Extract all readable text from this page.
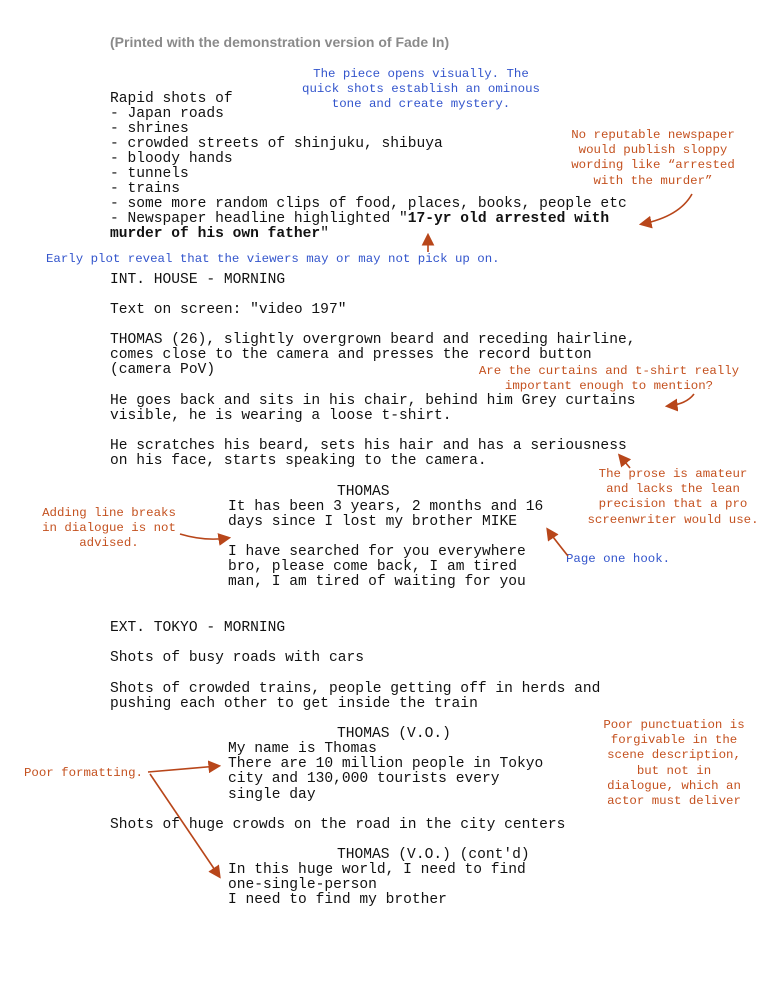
(Printed with the demonstration version of Fade In)
Rapid shots of
- Japan roads
- shrines
- crowded streets of shinjuku, shibuya
- bloody hands
- tunnels
- trains
- some more random clips of food, places, books, people etc
- Newspaper headline highlighted "17-yr old arrested with
murder of his own father"
INT. HOUSE - MORNING
Text on screen: "video 197"
THOMAS (26), slightly overgrown beard and receding hairline,
comes close to the camera and presses the record button
(camera PoV)
He goes back and sits in his chair, behind him Grey curtains
visible, he is wearing a loose t-shirt.
He scratches his beard, sets his hair and has a seriousness
on his face, starts speaking to the camera.
THOMAS
It has been 3 years, 2 months and 16
days since I lost my brother MIKE
I have searched for you everywhere
bro, please come back, I am tired
man, I am tired of waiting for you
EXT. TOKYO - MORNING
Shots of busy roads with cars
Shots of crowded trains, people getting off in herds and
pushing each other to get inside the train
THOMAS (V.O.)
My name is Thomas
There are 10 million people in Tokyo
city and 130,000 tourists every
single day
Shots of huge crowds on the road in the city centers
THOMAS (V.O.) (cont'd)
In this huge world, I need to find
one-single-person
I need to find my brother
The piece opens visually. The
quick shots establish an ominous
tone and create mystery.
No reputable newspaper
would publish sloppy
wording like “arrested
with the murder”
Early plot reveal that the viewers may or may not pick up on.
Are the curtains and t-shirt really
important enough to mention?
The prose is amateur
and lacks the lean
precision that a pro
screenwriter would use.
Adding line breaks
in dialogue is not
advised.
Page one hook.
Poor punctuation is
forgivable in the
scene description,
but not in
dialogue, which an
actor must deliver
Poor formatting.
